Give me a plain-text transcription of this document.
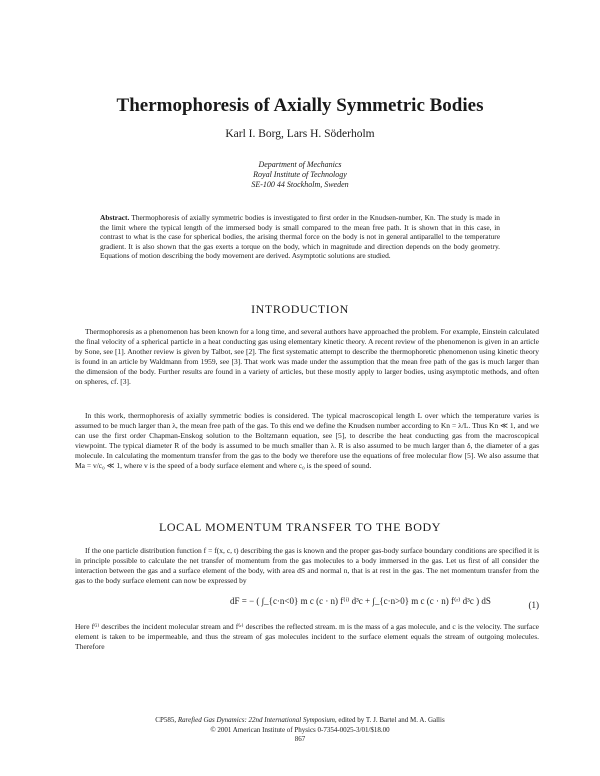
Thermophoresis of Axially Symmetric Bodies
Karl I. Borg, Lars H. Söderholm
Department of Mechanics
Royal Institute of Technology
SE-100 44 Stockholm, Sweden
Abstract. Thermophoresis of axially symmetric bodies is investigated to first order in the Knudsen-number, Kn. The study is made in the limit where the typical length of the immersed body is small compared to the mean free path. It is shown that in this case, in contrast to what is the case for spherical bodies, the arising thermal force on the body is not in general antiparallel to the temperature gradient. It is also shown that the gas exerts a torque on the body, which in magnitude and direction depends on the body geometry. Equations of motion describing the body movement are derived. Asymptotic solutions are studied.
INTRODUCTION
Thermophoresis as a phenomenon has been known for a long time, and several authors have approached the problem. For example, Einstein calculated the final velocity of a spherical particle in a heat conducting gas using elementary kinetic theory. A recent review of the phenomenon is given in an article by Sone, see [1]. Another review is given by Talbot, see [2]. The first systematic attempt to describe the thermophoretic phenomenon using kinetic theory is found in an article by Waldmann from 1959, see [3]. That work was made under the assumption that the mean free path of the gas is much larger than the dimension of the body. Further results are found in a variety of articles, but these mostly apply to larger bodies, using asymptotic methods, and often on spheres, cf. [3].
In this work, thermophoresis of axially symmetric bodies is considered. The typical macroscopical length L over which the temperature varies is assumed to be much larger than λ, the mean free path of the gas. To this end we define the Knudsen number according to Kn = λ/L. Thus Kn ≪ 1, and we can use the first order Chapman-Enskog solution to the Boltzmann equation, see [5], to describe the heat conducting gas from the macroscopical viewpoint. The typical diameter R of the body is assumed to be much smaller than λ. R is also assumed to be much larger than δ, the diameter of a gas molecule. In calculating the momentum transfer from the gas to the body we therefore use the equations of free molecular flow [5]. We also assume that Ma = v/c₀ ≪ 1, where v is the speed of a body surface element and where c₀ is the speed of sound.
LOCAL MOMENTUM TRANSFER TO THE BODY
If the one particle distribution function f = f(x, c, t) describing the gas is known and the proper gas-body surface boundary conditions are specified it is in principle possible to calculate the net transfer of momentum from the gas molecules to a body immersed in the gas. Let us first of all consider the interaction between the gas and a surface element of the body, with area dS and normal n, that is at rest in the gas. The net momentum transfer from the gas to the body surface element can now be expressed by
dF = − ( ∫_{c·n<0} m c (c · n) f⁽ⁱ⁾ d³c + ∫_{c·n>0} m c (c · n) f⁽ʳ⁾ d³c ) dS	(1)
Here f⁽ⁱ⁾ describes the incident molecular stream and f⁽ʳ⁾ describes the reflected stream. m is the mass of a gas molecule, and c is the velocity. The surface element is taken to be impermeable, and thus the stream of gas molecules incident to the surface element equals the stream of outgoing molecules. Therefore
CP585, Rarefied Gas Dynamics: 22nd International Symposium, edited by T. J. Bartel and M. A. Gallis
© 2001 American Institute of Physics 0-7354-0025-3/01/$18.00
867
